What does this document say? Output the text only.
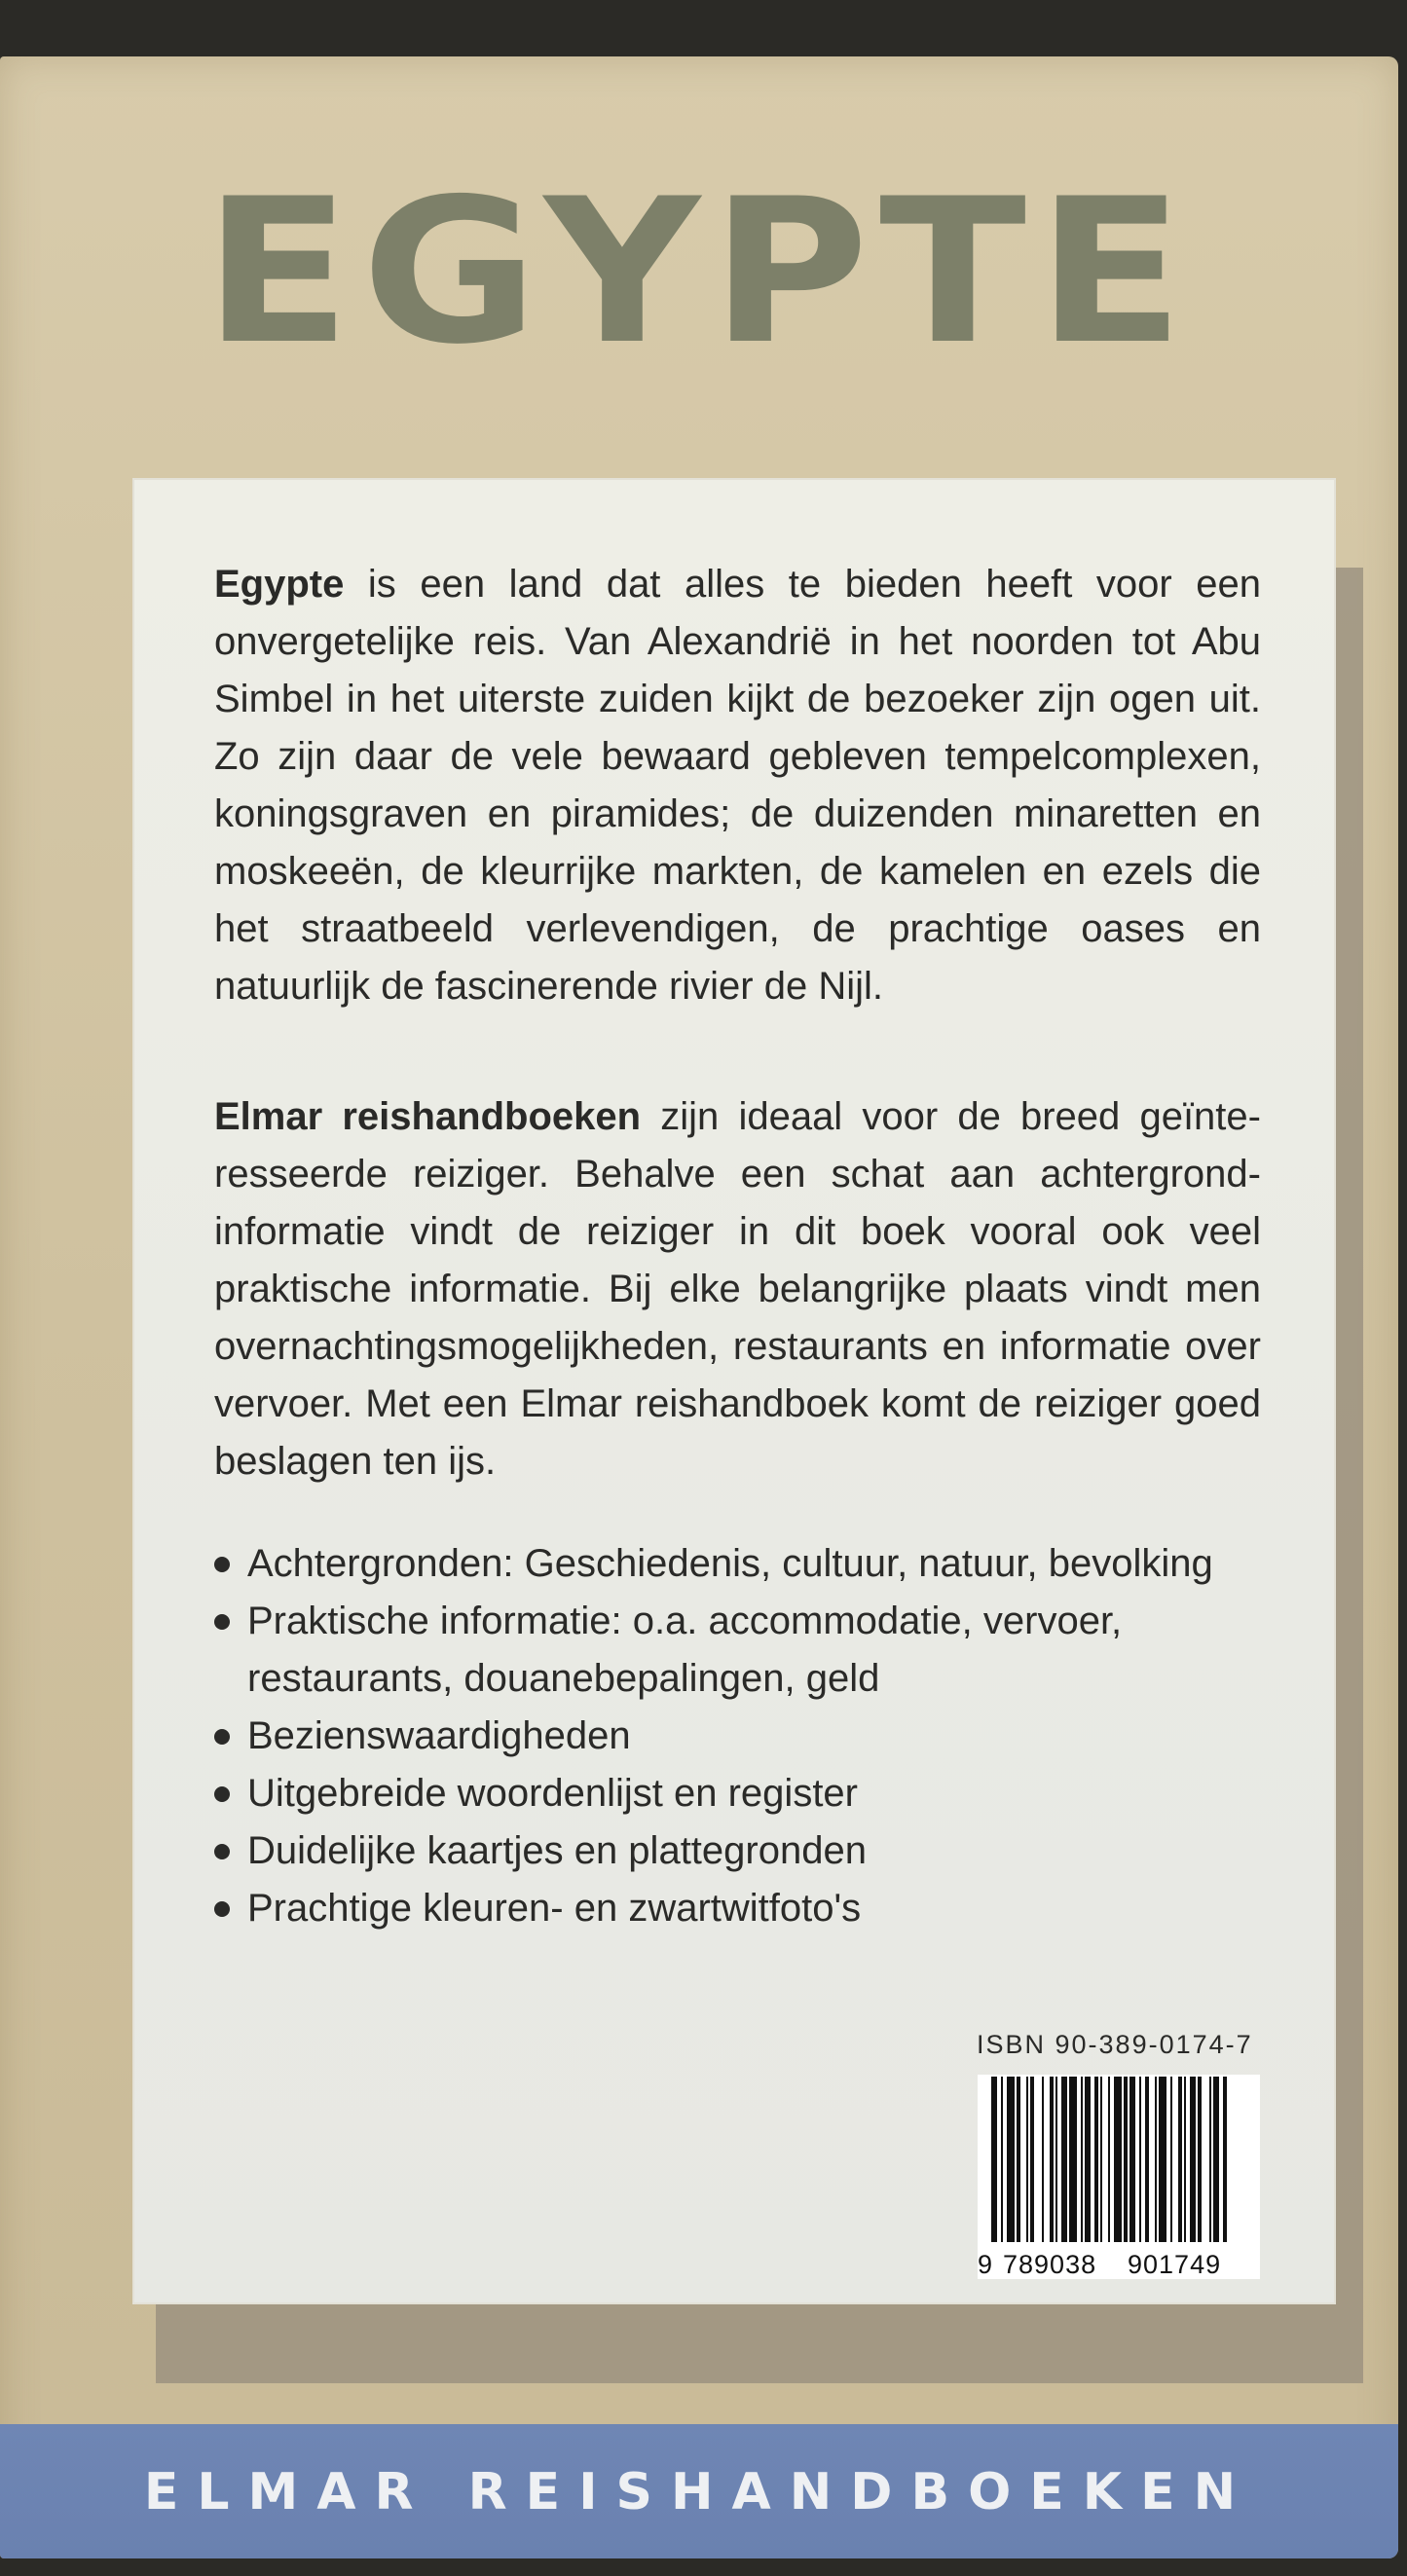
EGYPTE

Egypte is een land dat alles te bieden heeft voor een onvergetelijke reis. Van Alexandrië in het noorden tot Abu Simbel in het uiterste zuiden kijkt de bezoeker zijn ogen uit. Zo zijn daar de vele bewaard gebleven tempelcomplexen, koningsgraven en piramides; de duizenden minaretten en moskeeën, de kleurrijke markten, de kamelen en ezels die het straatbeeld verlevendigen, de prachtige oases en natuurlijk de fascinerende rivier de Nijl.

Elmar reishandboeken zijn ideaal voor de breed geïnteresseerde reiziger. Behalve een schat aan achtergrondinformatie vindt de reiziger in dit boek vooral ook veel praktische informatie. Bij elke belangrijke plaats vindt men overnachtingsmogelijkheden, restaurants en informatie over vervoer. Met een Elmar reishandboek komt de reiziger goed beslagen ten ijs.

Achtergronden: Geschiedenis, cultuur, natuur, bevolking
Praktische informatie: o.a. accommodatie, vervoer, restaurants, douanebepalingen, geld
Bezienswaardigheden
Uitgebreide woordenlijst en register
Duidelijke kaartjes en plattegronden
Prachtige kleuren- en zwartwitfoto's
ISBN 90-389-0174-7
9 789038 901749
ELMAR REISHANDBOEKEN
